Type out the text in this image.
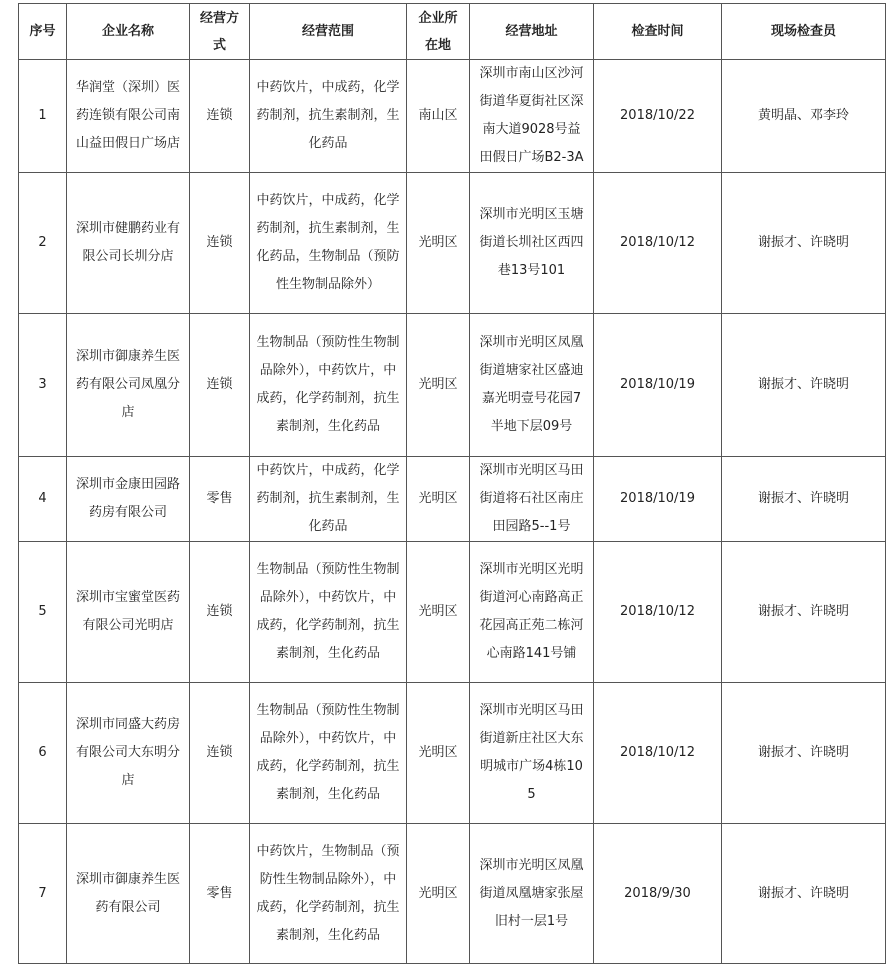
序号	企业名称	经营方式	经营范围	企业所在地	经营地址	检查时间	现场检查员
1	华润堂（深圳）医药连锁有限公司南山益田假日广场店	连锁	中药饮片，中成药，化学药制剂，抗生素制剂，生化药品	南山区	深圳市南山区沙河街道华夏街社区深南大道9028号益田假日广场B2-3A	2018/10/22	黄明晶、邓李玲
2	深圳市健鹏药业有限公司长圳分店	连锁	中药饮片，中成药，化学药制剂，抗生素制剂，生化药品，生物制品（预防性生物制品除外）	光明区	深圳市光明区玉塘街道长圳社区西四巷13号101	2018/10/12	谢振才、许晓明
3	深圳市御康养生医药有限公司凤凰分店	连锁	生物制品（预防性生物制品除外），中药饮片，中成药，化学药制剂，抗生素制剂，生化药品	光明区	深圳市光明区凤凰街道塘家社区盛迪嘉光明壹号花园7半地下层09号	2018/10/19	谢振才、许晓明
4	深圳市金康田园路药房有限公司	零售	中药饮片，中成药，化学药制剂，抗生素制剂，生化药品	光明区	深圳市光明区马田街道将石社区南庄田园路5--1号	2018/10/19	谢振才、许晓明
5	深圳市宝蜜堂医药有限公司光明店	连锁	生物制品（预防性生物制品除外），中药饮片，中成药，化学药制剂，抗生素制剂，生化药品	光明区	深圳市光明区光明街道河心南路高正花园高正苑二栋河心南路141号铺	2018/10/12	谢振才、许晓明
6	深圳市同盛大药房有限公司大东明分店	连锁	生物制品（预防性生物制品除外），中药饮片，中成药，化学药制剂，抗生素制剂，生化药品	光明区	深圳市光明区马田街道新庄社区大东明城市广场4栋105	2018/10/12	谢振才、许晓明
7	深圳市御康养生医药有限公司	零售	中药饮片，生物制品（预防性生物制品除外），中成药，化学药制剂，抗生素制剂，生化药品	光明区	深圳市光明区凤凰街道凤凰塘家张屋旧村一层1号	2018/9/30	谢振才、许晓明
